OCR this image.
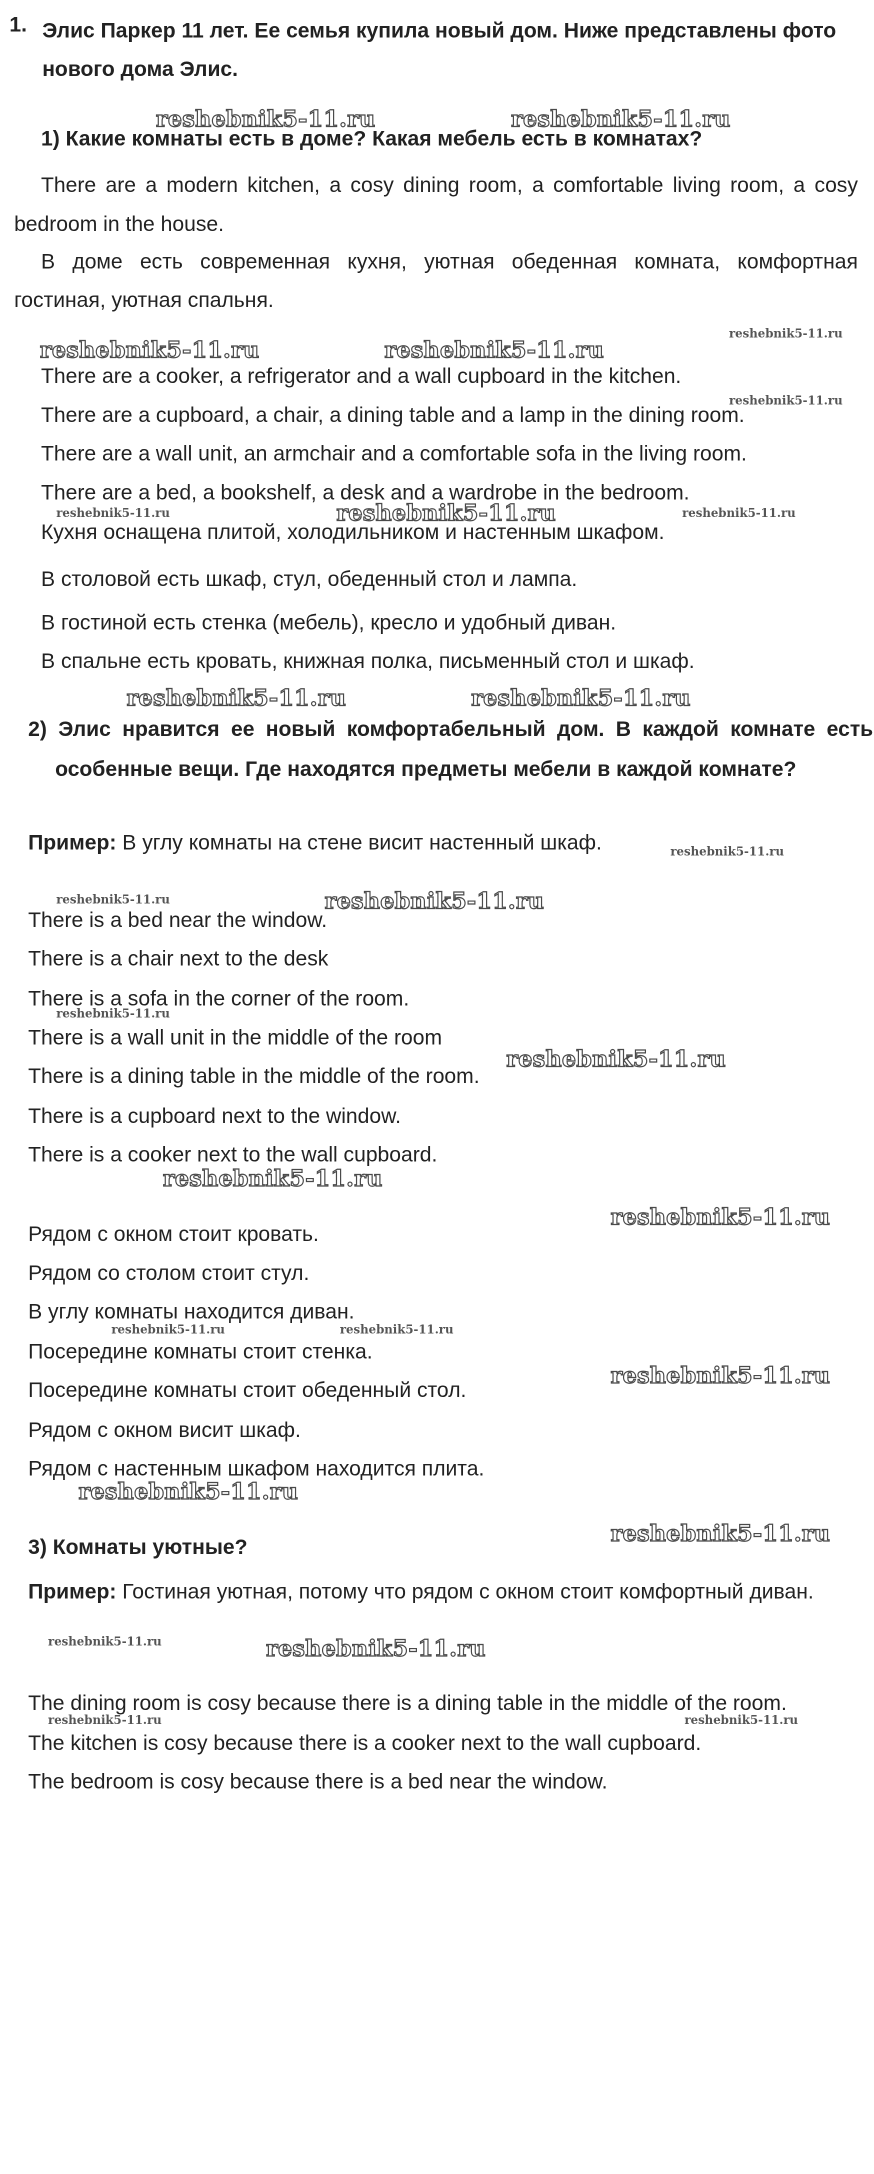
1. Элис Паркер 11 лет. Ее семья купила новый дом. Ниже представлены фото нового дома Элис.
reshebnik5-11.ru	reshebnik5-11.ru
1) Какие комнаты есть в доме? Какая мебель есть в комнатах?
There are a modern kitchen, a cosy dining room, a comfortable living room, a cosy bedroom in the house.
В доме есть современная кухня, уютная обеденная комната, комфортная гостиная, уютная спальня.
reshebnik5-11.ru	reshebnik5-11.ru
reshebnik5-11.ru
There are a cooker, a refrigerator and a wall cupboard in the kitchen.
There are a cupboard, a chair, a dining table and a lamp in the dining room.
reshebnik5-11.ru
There are a wall unit, an armchair and a comfortable sofa in the living room.
There are a bed, a bookshelf, a desk and a wardrobe in the bedroom.
reshebnik5-11.ru	reshebnik5-11.ru	reshebnik5-11.ru
Кухня оснащена плитой, холодильником и настенным шкафом.
В столовой есть шкаф, стул, обеденный стол и лампа.
В гостиной есть стенка (мебель), кресло и удобный диван.
В спальне есть кровать, книжная полка, письменный стол и шкаф.
reshebnik5-11.ru	reshebnik5-11.ru
2) Элис нравится ее новый комфортабельный дом. В каждой комнате есть особенные вещи. Где находятся предметы мебели в каждой комнате?
Пример: В углу комнаты на стене висит настенный шкаф.	reshebnik5-11.ru
reshebnik5-11.ru	reshebnik5-11.ru
There is a bed near the window.
There is a chair next to the desk
There is a sofa in the corner of the room.
reshebnik5-11.ru
There is a wall unit in the middle of the room
There is a dining table in the middle of the room.
reshebnik5-11.ru
There is a cupboard next to the window.
There is a cooker next to the wall cupboard.
reshebnik5-11.ru
reshebnik5-11.ru
Рядом с окном стоит кровать.
Рядом со столом стоит стул.
В углу комнаты находится диван.
reshebnik5-11.ru	reshebnik5-11.ru
Посередине комнаты стоит стенка.
reshebnik5-11.ru
Посередине комнаты стоит обеденный стол.
Рядом с окном висит шкаф.
Рядом с настенным шкафом находится плита.
reshebnik5-11.ru
reshebnik5-11.ru
3) Комнаты уютные?
Пример: Гостиная уютная, потому что рядом с окном стоит комфортный диван.
reshebnik5-11.ru	reshebnik5-11.ru
The dining room is cosy because there is a dining table in the middle of the room.
reshebnik5-11.ru	reshebnik5-11.ru
The kitchen is cosy because there is a cooker next to the wall cupboard.
The bedroom is cosy because there is a bed near the window.
